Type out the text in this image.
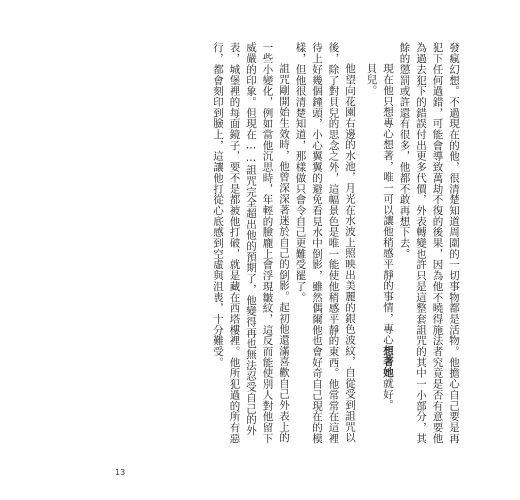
發瘋幻想。不過現在的他，很清楚知道周圍的一切事物都是活物。他擔心自己要是再犯下任何過錯，可能會導致萬劫不復的後果，因為他不曉得施法者究竟是否有意要他為過去犯下的錯誤付出更多代價，外表轉變也許只是這整套詛咒的其中一小部分，其餘的懲罰或許還有很多，他都不敢再想下去。

現在他只想專心想著，唯一可以讓他稍感平靜的事情，專心想著她就好。

貝兒。

他望向花園右邊的水池，月光在水波上照映出美麗的銀色波紋，自從受到詛咒以後，除了對貝兒的思念之外，這幅景色是唯一能使他稍感平靜的東西。他常常在這裡待上好幾個鐘頭，小心翼翼的避免看見水中倒影，雖然偶爾他也會好奇自己現在的模樣，但他很清楚知道，那樣做只會令自己更難受罷了。

詛咒剛開始生效時，他曾深深著迷於自己的倒影。起初他還滿喜歡自己外表上的一些小變化，例如當他沉思時，年輕的臉龐上會浮現皺紋，這反而能使別人對他留下威嚴的印象。但現在……詛咒完全超出他的預期了，他變得再也無法忍受自己的外表，城堡裡的每面鏡子，要不是都被他打破，就是藏在西塔樓裡。他所犯過的所有惡行，都會刻印到臉上，這讓他打從心底感到空虛與沮喪，十分難受。

13
